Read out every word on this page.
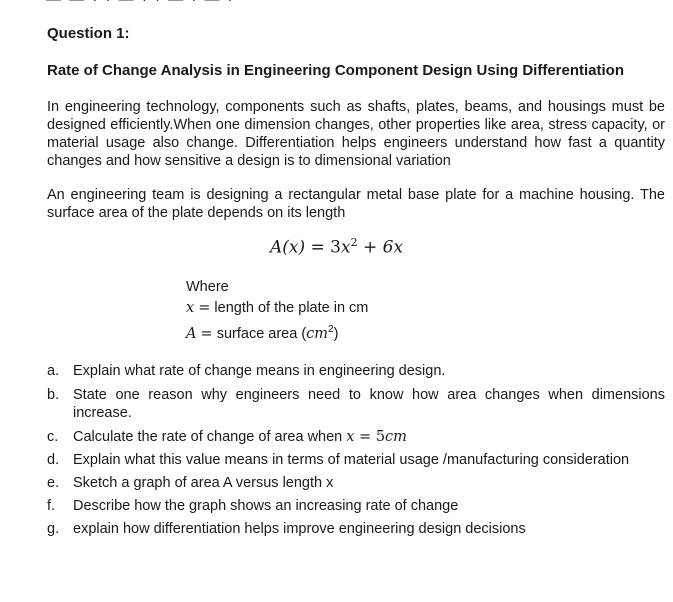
Question 1:
Rate of Change Analysis in Engineering Component Design Using Differentiation
In engineering technology, components such as shafts, plates, beams, and housings must be designed efficiently.When one dimension changes, other properties like area, stress capacity, or material usage also change. Differentiation helps engineers understand how fast a quantity changes and how sensitive a design is to dimensional variation
An engineering team is designing a rectangular metal base plate for a machine housing. The surface area of the plate depends on its length
$A(x) = 3x^2 + 6x$
Where
x = length of the plate in cm
A = surface area $(cm^2)$
a. Explain what rate of change means in engineering design.
b. State one reason why engineers need to know how area changes when dimensions increase.
c. Calculate the rate of change of area when x = 5cm
d. Explain what this value means in terms of material usage /manufacturing consideration
e. Sketch a graph of area A versus length x
f. Describe how the graph shows an increasing rate of change
g. explain how differentiation helps improve engineering design decisions
